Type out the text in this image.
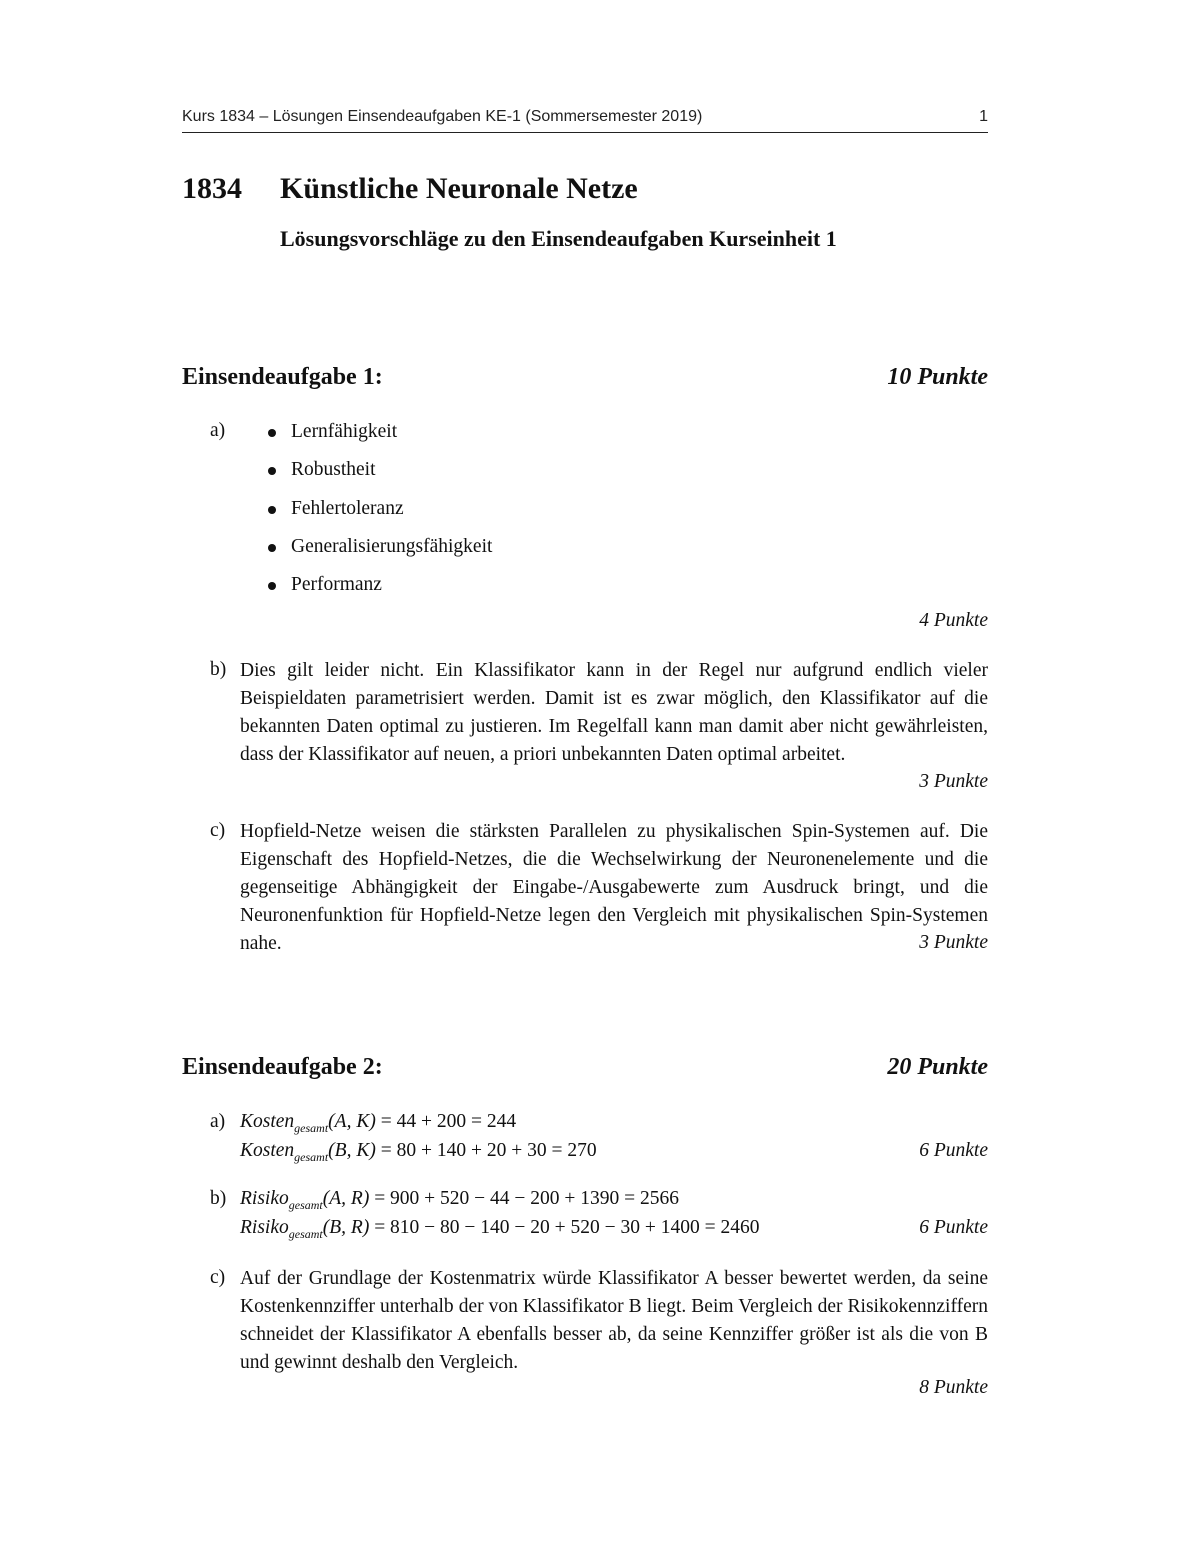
Kurs 1834 – Lösungen Einsendeaufgaben KE-1 (Sommersemester 2019)	1
1834 Künstliche Neuronale Netze
Lösungsvorschläge zu den Einsendeaufgaben Kurseinheit 1
Einsendeaufgabe 1:	10 Punkte
a)	Lernfähigkeit
Robustheit
Fehlertoleranz
Generalisierungsfähigkeit
Performanz
4 Punkte
b) Dies gilt leider nicht. Ein Klassifikator kann in der Regel nur aufgrund endlich vieler Beispieldaten parametrisiert werden. Damit ist es zwar möglich, den Klassifikator auf die bekannten Daten optimal zu justieren. Im Regelfall kann man damit aber nicht gewährleisten, dass der Klassifikator auf neuen, a priori unbekannten Daten optimal arbeitet.
3 Punkte
c) Hopfield-Netze weisen die stärksten Parallelen zu physikalischen Spin-Systemen auf. Die Eigenschaft des Hopfield-Netzes, die die Wechselwirkung der Neuronenelemente und die gegenseitige Abhängigkeit der Eingabe-/Ausgabewerte zum Ausdruck bringt, und die Neuronenfunktion für Hopfield-Netze legen den Vergleich mit physikalischen Spin-Systemen nahe.	3 Punkte
Einsendeaufgabe 2:	20 Punkte
a) Kosten$_{gesamt}$(A, K) = 44 + 200 = 244
Kosten$_{gesamt}$(B, K) = 80 + 140 + 20 + 30 = 270	6 Punkte
b) Risiko$_{gesamt}$(A, R) = 900 + 520 − 44 − 200 + 1390 = 2566
Risiko$_{gesamt}$(B, R) = 810 − 80 − 140 − 20 + 520 − 30 + 1400 = 2460	6 Punkte
c) Auf der Grundlage der Kostenmatrix würde Klassifikator A besser bewertet werden, da seine Kostenkennziffer unterhalb der von Klassifikator B liegt. Beim Vergleich der Risikokennziffern schneidet der Klassifikator A ebenfalls besser ab, da seine Kennziffer größer ist als die von B und gewinnt deshalb den Vergleich.
8 Punkte
